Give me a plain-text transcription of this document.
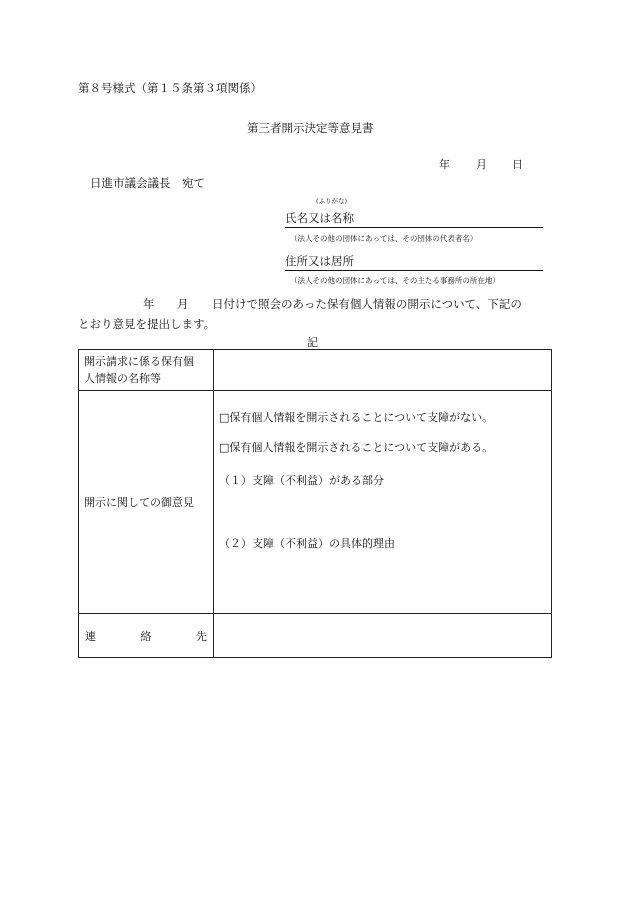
第８号様式（第１５条第３項関係）
第三者開示決定等意見書
年 月 日
日進市議会議長　宛て
(ふりがな)
氏名又は名称
（法人その他の団体にあっては、その団体の代表者名）
住所又は居所
（法人その他の団体にあっては、その主たる事務所の所在地）
年 月 日付けで照会のあった保有個人情報の開示について、下記の
とおり意見を提出します。
記
開示請求に係る保有個
人情報の名称等	

開示に関しての御意見	□保有個人情報を開示されることについて支障がない。
□保有個人情報を開示されることについて支障がある。
（１）支障（不利益）がある部分
（２）支障（不利益）の具体的理由

連 絡 先	
